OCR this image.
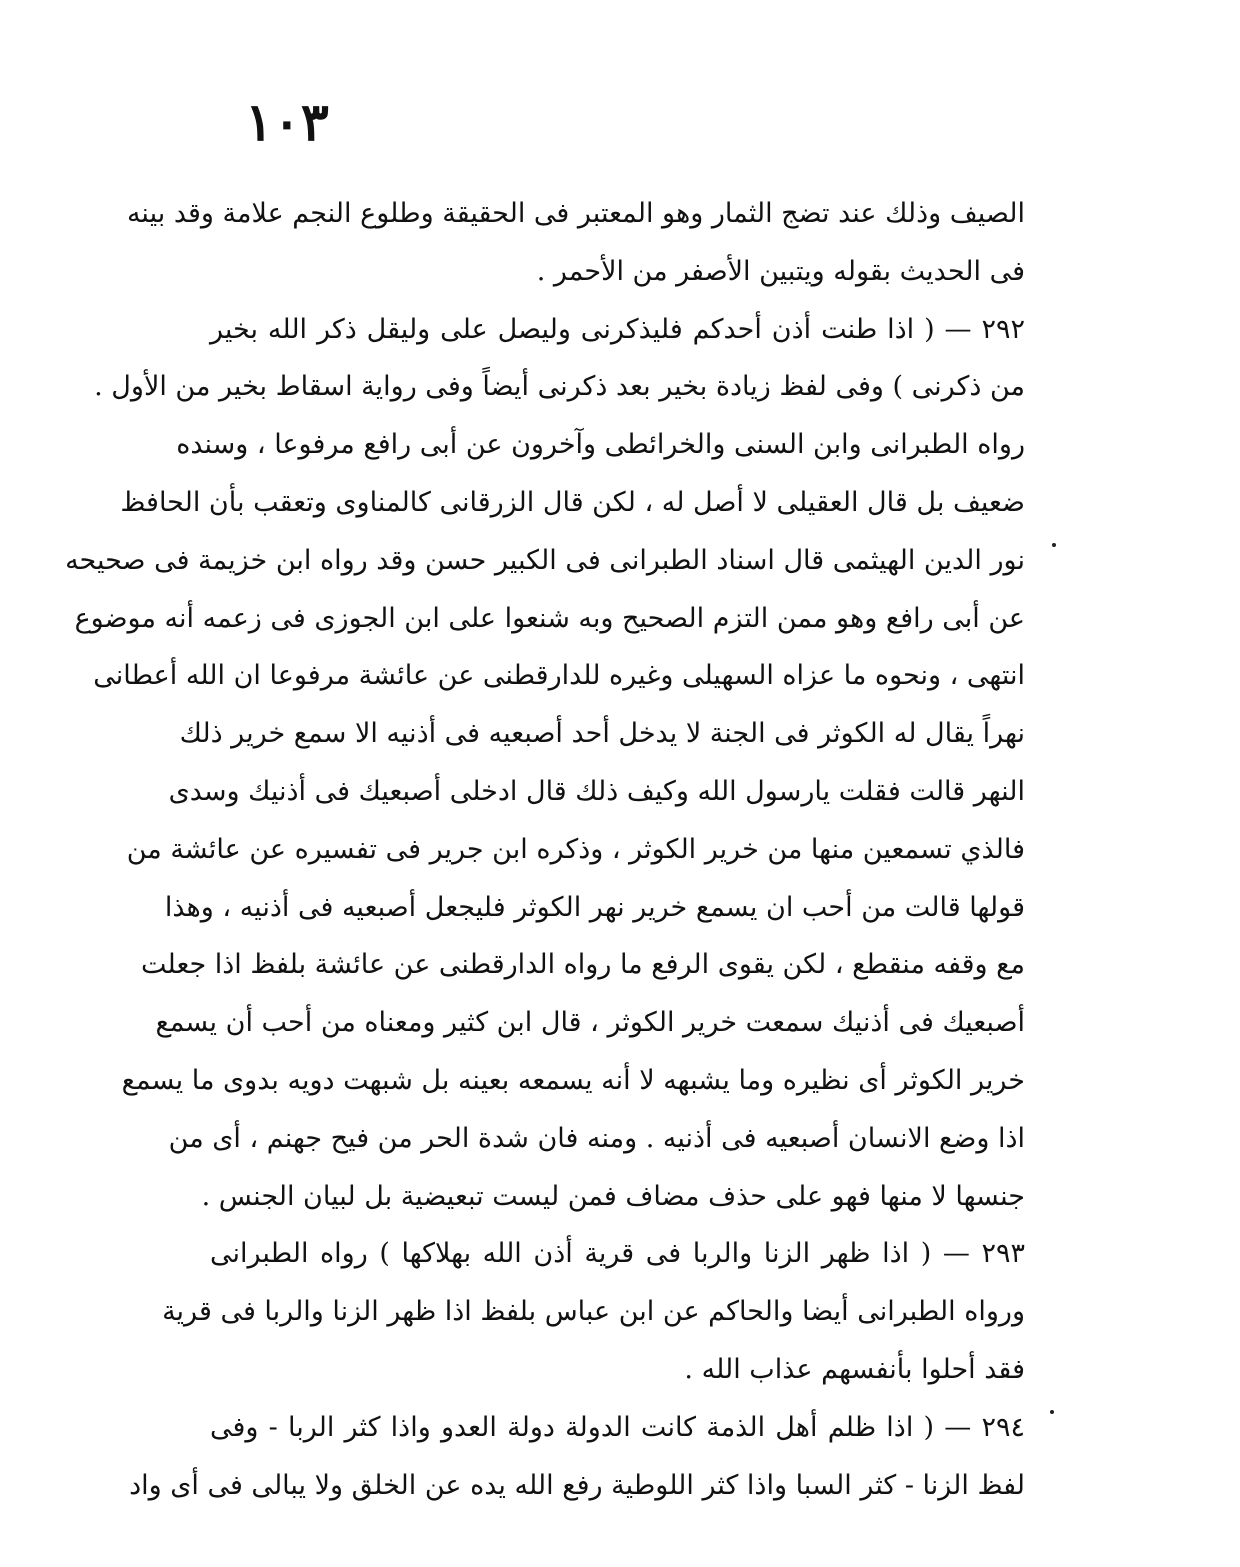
١٠٣
الصيف وذلك عند تضج الثمار وهو المعتبر فى الحقيقة وطلوع النجم علامة وقد بينه
فى الحديث بقوله ويتبين الأصفر من الأحمر .
٢٩٢ — ( اذا طنت أذن أحدكم فليذكرنى وليصل على وليقل ذكر الله بخير
من ذكرنى ) وفى لفظ زيادة بخير بعد ذكرنى أيضاً وفى رواية اسقاط بخير من الأول .
رواه الطبرانى وابن السنى والخرائطى وآخرون عن أبى رافع مرفوعا ، وسنده
ضعيف بل قال العقيلى لا أصل له ، لكن قال الزرقانى كالمناوى وتعقب بأن الحافظ
نور الدين الهيثمى قال اسناد الطبرانى فى الكبير حسن وقد رواه ابن خزيمة فى صحيحه
عن أبى رافع وهو ممن التزم الصحيح وبه شنعوا على ابن الجوزى فى زعمه أنه موضوع
انتهى ، ونحوه ما عزاه السهيلى وغيره للدارقطنى عن عائشة مرفوعا ان الله أعطانى
نهراً يقال له الكوثر فى الجنة لا يدخل أحد أصبعيه فى أذنيه الا سمع خرير ذلك
النهر قالت فقلت يارسول الله وكيف ذلك قال ادخلى أصبعيك فى أذنيك وسدى
فالذي تسمعين منها من خرير الكوثر ، وذكره ابن جرير فى تفسيره عن عائشة من
قولها قالت من أحب ان يسمع خرير نهر الكوثر فليجعل أصبعيه فى أذنيه ، وهذا
مع وقفه منقطع ، لكن يقوى الرفع ما رواه الدارقطنى عن عائشة بلفظ اذا جعلت
أصبعيك فى أذنيك سمعت خرير الكوثر ، قال ابن كثير ومعناه من أحب أن يسمع
خرير الكوثر أى نظيره وما يشبهه لا أنه يسمعه بعينه بل شبهت دويه بدوى ما يسمع
اذا وضع الانسان أصبعيه فى أذنيه . ومنه فان شدة الحر من فيح جهنم ، أى من
جنسها لا منها فهو على حذف مضاف فمن ليست تبعيضية بل لبيان الجنس .
٢٩٣ — ( اذا ظهر الزنا والربا فى قرية أذن الله بهلاكها ) رواه الطبرانى
ورواه الطبرانى أيضا والحاكم عن ابن عباس بلفظ اذا ظهر الزنا والربا فى قرية
فقد أحلوا بأنفسهم عذاب الله .
٢٩٤ — ( اذا ظلم أهل الذمة كانت الدولة دولة العدو واذا كثر الربا - وفى
لفظ الزنا - كثر السبا واذا كثر اللوطية رفع الله يده عن الخلق ولا يبالى فى أى واد
